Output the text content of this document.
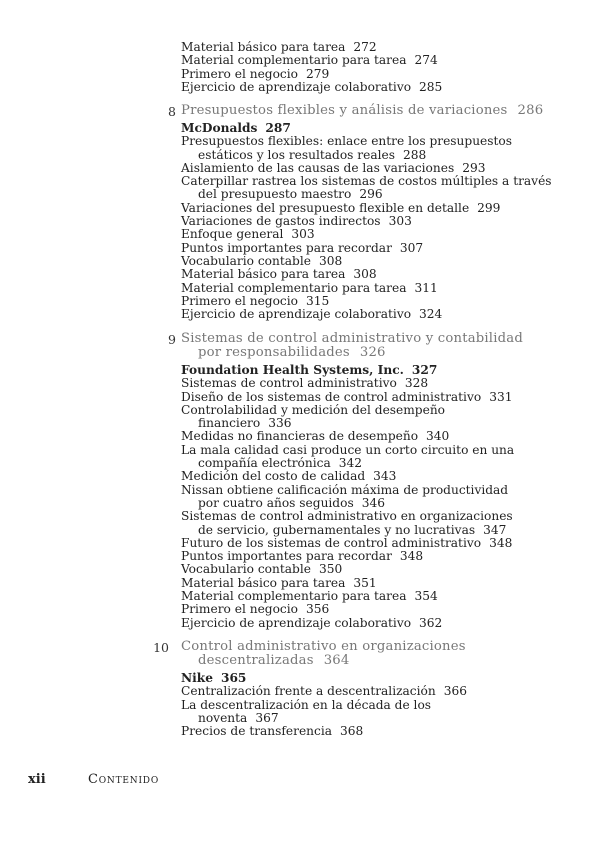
Material básico para tarea 272
Material complementario para tarea 274
Primero el negocio 279
Ejercicio de aprendizaje colaborativo 285
8 Presupuestos flexibles y análisis de variaciones 286
McDonalds 287
Presupuestos flexibles: enlace entre los presupuestos
estáticos y los resultados reales 288
Aislamiento de las causas de las variaciones 293
Caterpillar rastrea los sistemas de costos múltiples a través
del presupuesto maestro 296
Variaciones del presupuesto flexible en detalle 299
Variaciones de gastos indirectos 303
Enfoque general 303
Puntos importantes para recordar 307
Vocabulario contable 308
Material básico para tarea 308
Material complementario para tarea 311
Primero el negocio 315
Ejercicio de aprendizaje colaborativo 324
9 Sistemas de control administrativo y contabilidad
por responsabilidades 326
Foundation Health Systems, Inc. 327
Sistemas de control administrativo 328
Diseño de los sistemas de control administrativo 331
Controlabilidad y medición del desempeño
financiero 336
Medidas no financieras de desempeño 340
La mala calidad casi produce un corto circuito en una
compañía electrónica 342
Medición del costo de calidad 343
Nissan obtiene calificación máxima de productividad
por cuatro años seguidos 346
Sistemas de control administrativo en organizaciones
de servicio, gubernamentales y no lucrativas 347
Futuro de los sistemas de control administrativo 348
Puntos importantes para recordar 348
Vocabulario contable 350
Material básico para tarea 351
Material complementario para tarea 354
Primero el negocio 356
Ejercicio de aprendizaje colaborativo 362
10 Control administrativo en organizaciones
descentralizadas 364
Nike 365
Centralización frente a descentralización 366
La descentralización en la década de los
noventa 367
Precios de transferencia 368
xii	Contenido
